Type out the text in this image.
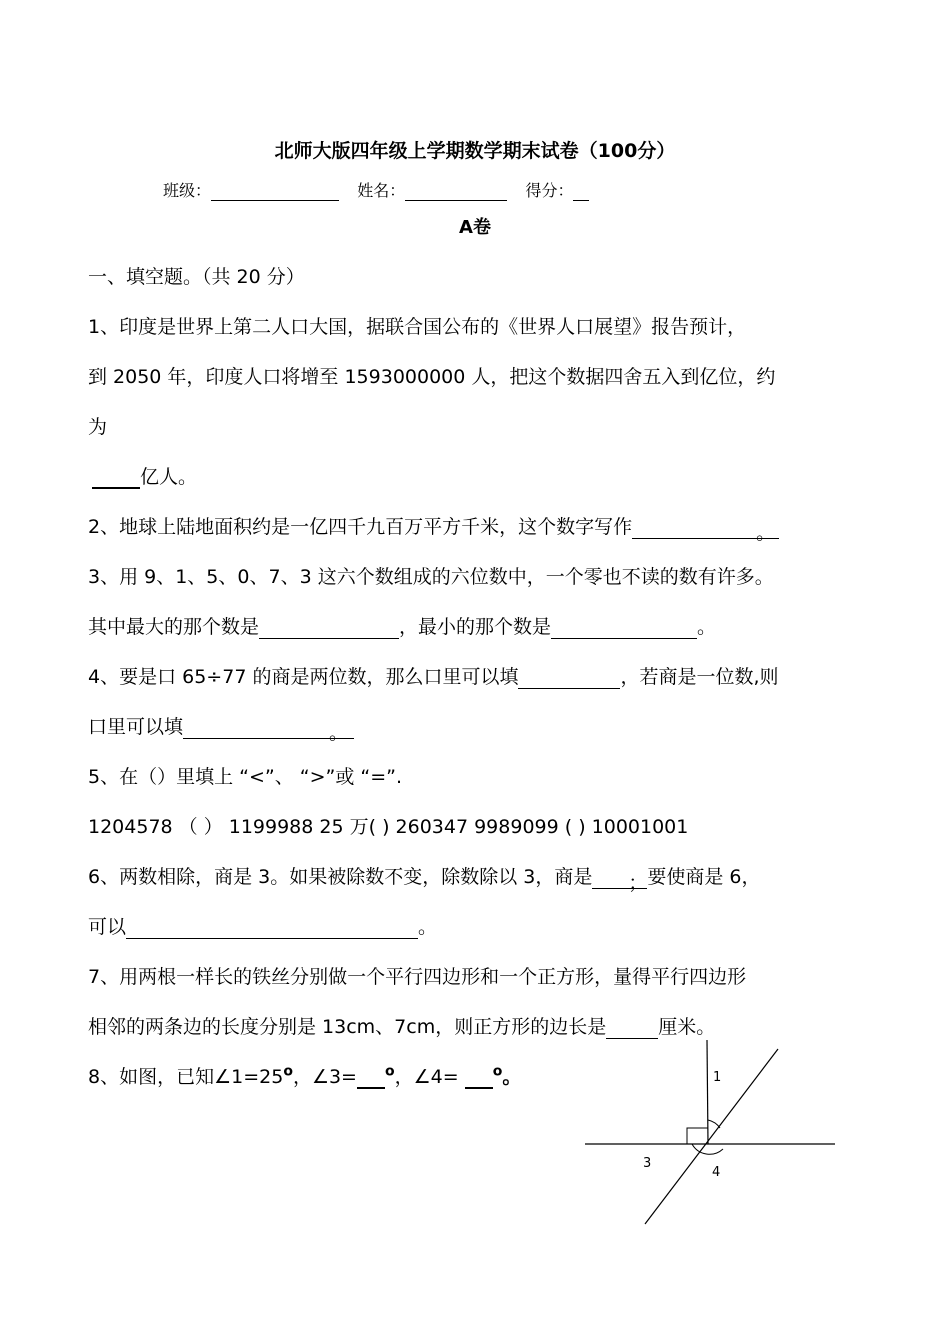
北师大版四年级上学期数学期末试卷（100分）
班级：	姓名：	得分：
A卷
一、填空题。（共 20 分）
1、印度是世界上第二人口大国，据联合国公布的《世界人口展望》报告预计，
到 2050 年，印度人口将增至 1593000000 人，把这个数据四舍五入到亿位，约
为
亿人。
2、地球上陆地面积约是一亿四千九百万平方千米，这个数字写作	。
3、用 9、1、5、0、7、3 这六个数组成的六位数中，一个零也不读的数有许多。
其中最大的那个数是	，最小的那个数是	。
4、要是口 65÷77 的商是两位数，那么口里可以填	，若商是一位数,则
口里可以填	。
5、在（）里填上 “<”、 “>”或 “=”.
1204578 （ ） 1199988 25 万( ) 260347 9989099 ( ) 10001001
6、两数相除，商是 3。如果被除数不变，除数除以 3，商是 ；要使商是 6，
可以	。
7、用两根一样长的铁丝分别做一个平行四边形和一个正方形，量得平行四边形
相邻的两条边的长度分别是 13cm、7cm，则正方形的边长是	厘米。
8、如图，已知$\angle 1=25^o$，∠3= $^o$，∠4= $^o$。	1
3
4
